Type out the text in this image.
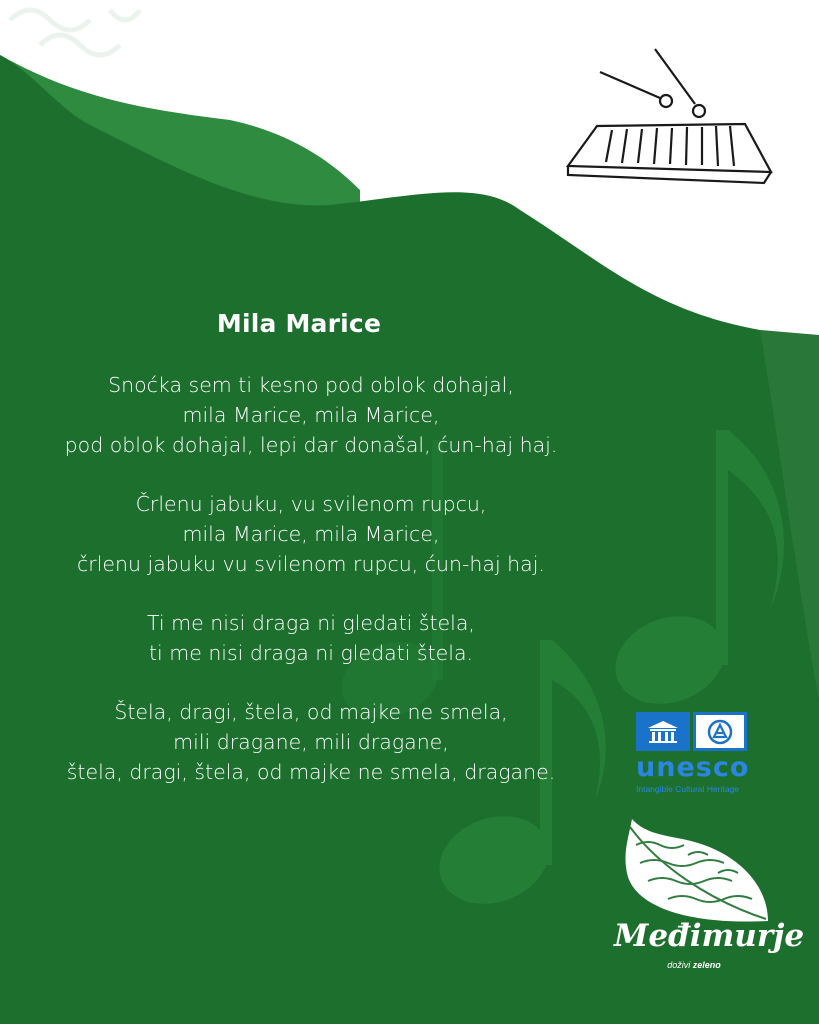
Mila Marice
Snoćka sem ti kesno pod oblok dohajal,
mila Marice, mila Marice,
pod oblok dohajal, lepi dar donašal, ćun-haj haj.
Črlenu jabuku, vu svilenom rupcu,
mila Marice, mila Marice,
črlenu jabuku vu svilenom rupcu, ćun-haj haj.
Ti me nisi draga ni gledati štela,
ti me nisi draga ni gledati štela.
Štela, dragi, štela, od majke ne smela,
mili dragane, mili dragane,
štela, dragi, štela, od majke ne smela, dragane.	unesco
Intangible Cultural Heritage
Međimurje
doživi zeleno
